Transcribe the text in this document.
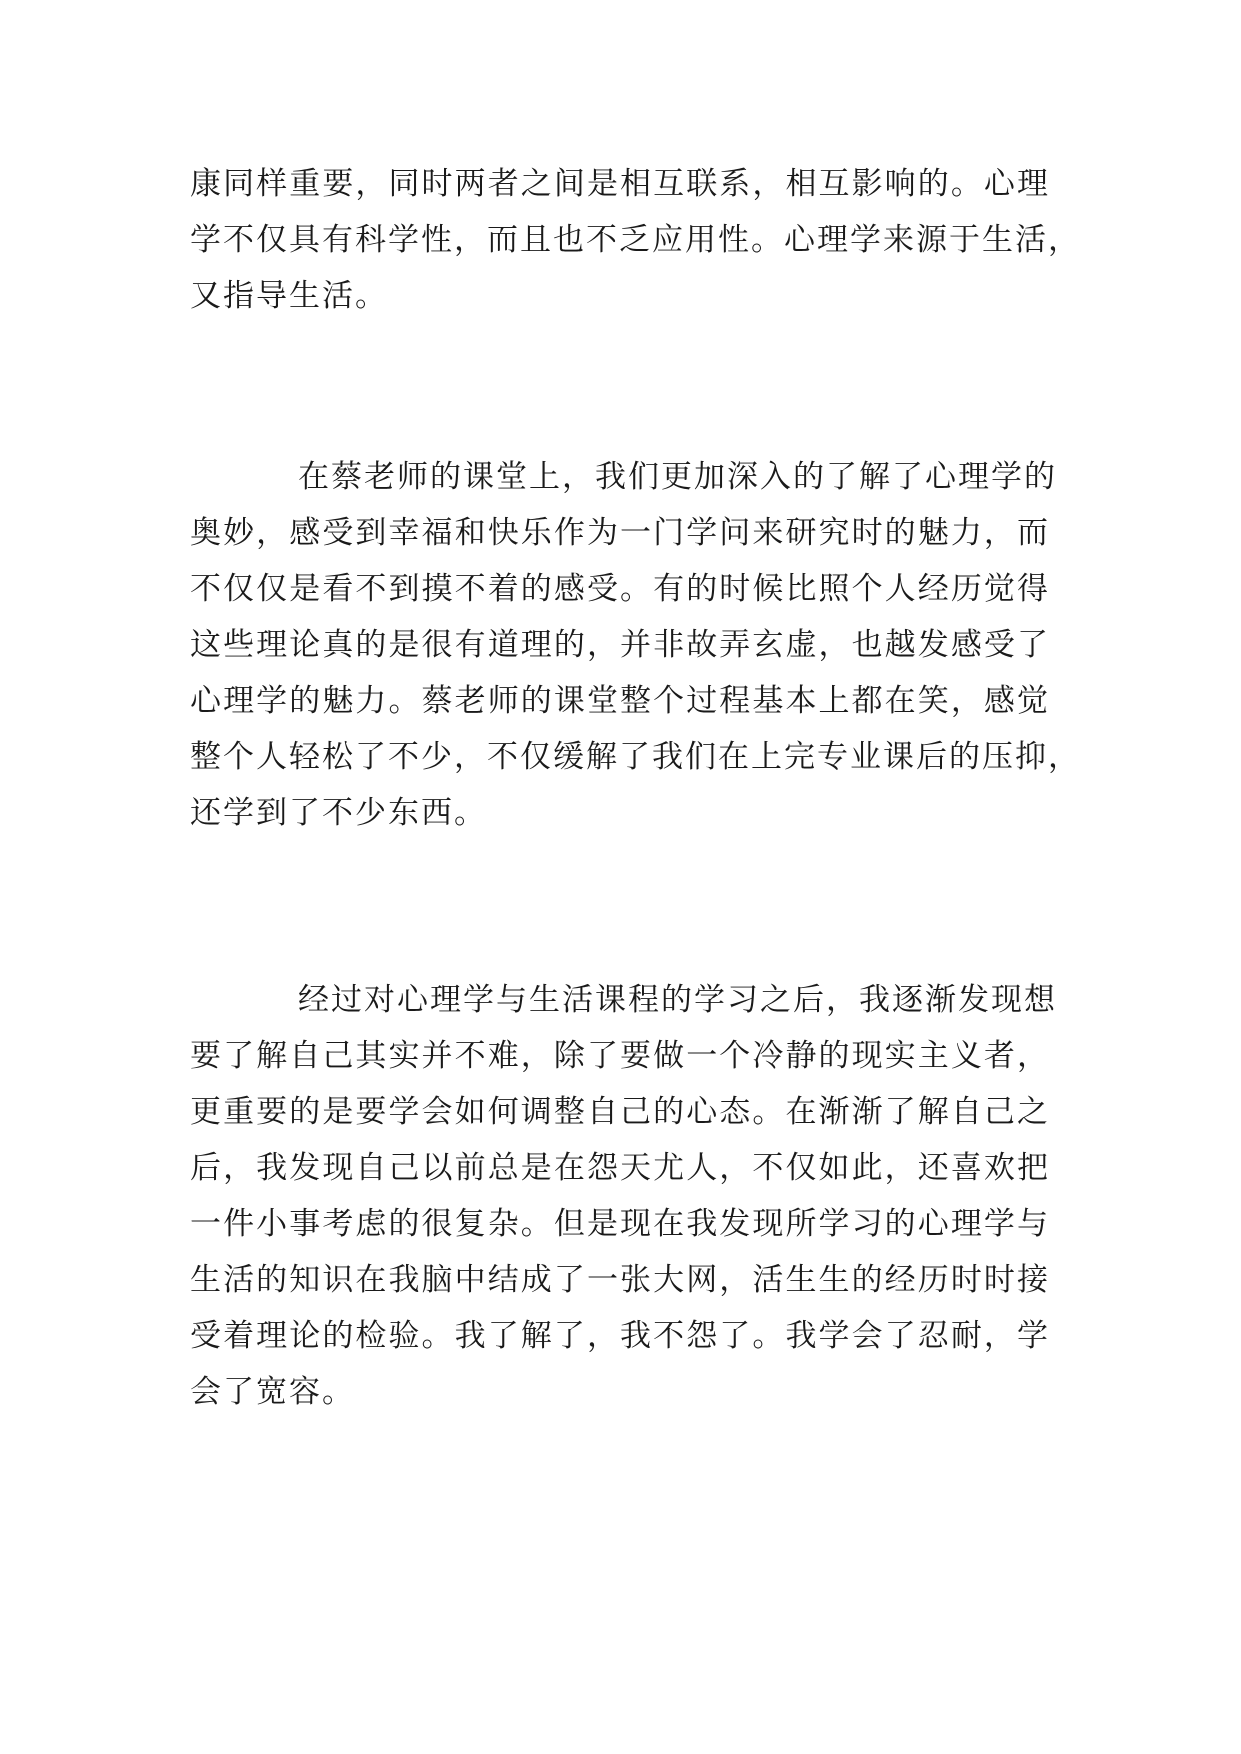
康同样重要，同时两者之间是相互联系，相互影响的。心理
学不仅具有科学性，而且也不乏应用性。心理学来源于生活，
又指导生活。
在蔡老师的课堂上，我们更加深入的了解了心理学的
奥妙，感受到幸福和快乐作为一门学问来研究时的魅力，而
不仅仅是看不到摸不着的感受。有的时候比照个人经历觉得
这些理论真的是很有道理的，并非故弄玄虚，也越发感受了
心理学的魅力。蔡老师的课堂整个过程基本上都在笑，感觉
整个人轻松了不少，不仅缓解了我们在上完专业课后的压抑，
还学到了不少东西。
经过对心理学与生活课程的学习之后，我逐渐发现想
要了解自己其实并不难，除了要做一个冷静的现实主义者，
更重要的是要学会如何调整自己的心态。在渐渐了解自己之
后，我发现自己以前总是在怨天尤人，不仅如此，还喜欢把
一件小事考虑的很复杂。但是现在我发现所学习的心理学与
生活的知识在我脑中结成了一张大网，活生生的经历时时接
受着理论的检验。我了解了，我不怨了。我学会了忍耐，学
会了宽容。
